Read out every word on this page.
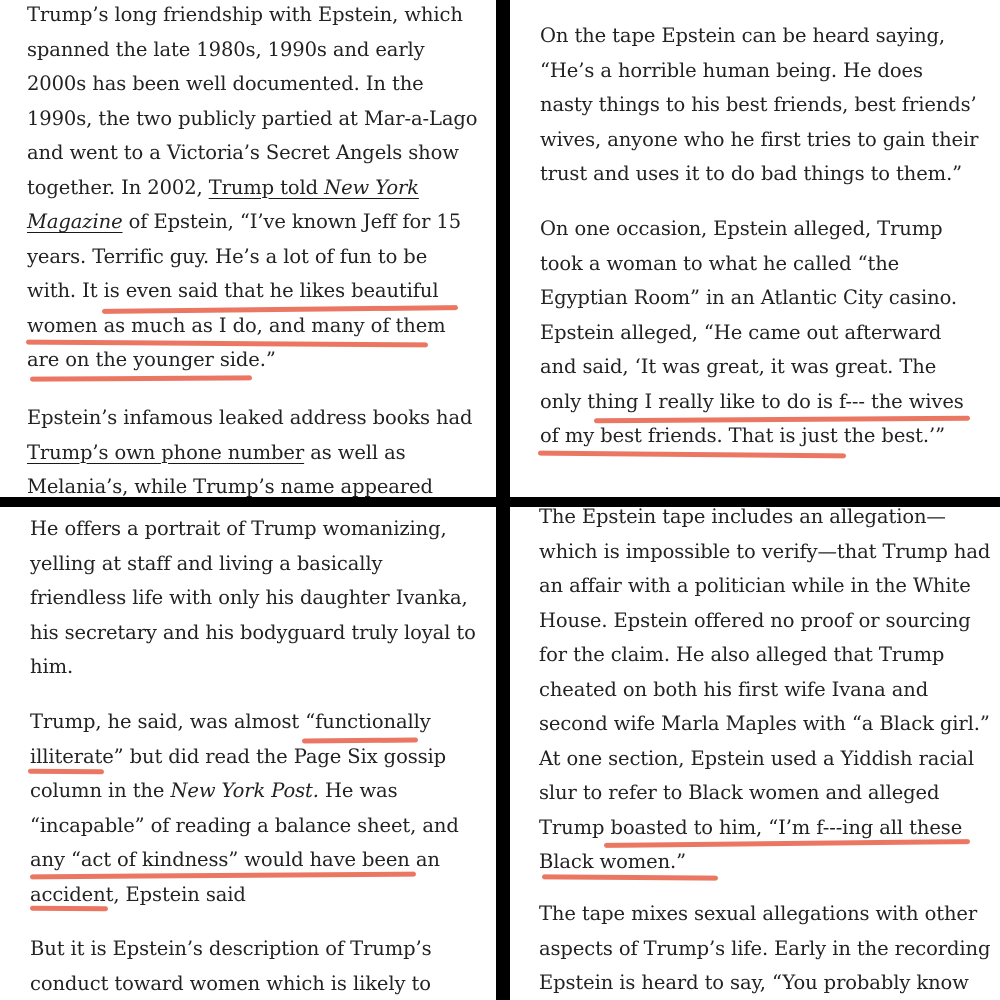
Trump’s long friendship with Epstein, which spanned the late 1980s, 1990s and early 2000s has been well documented. In the 1990s, the two publicly partied at Mar-a-Lago and went to a Victoria’s Secret Angels show together. In 2002, Trump told New York Magazine of Epstein, “I’ve known Jeff for 15 years. Terrific guy. He’s a lot of fun to be with. It is even said that he likes beautiful women as much as I do, and many of them are on the younger side.”

Epstein’s infamous leaked address books had Trump’s own phone number as well as Melania’s, while Trump’s name appeared

On the tape Epstein can be heard saying, “He’s a horrible human being. He does nasty things to his best friends, best friends’ wives, anyone who he first tries to gain their trust and uses it to do bad things to them.”

On one occasion, Epstein alleged, Trump took a woman to what he called “the Egyptian Room” in an Atlantic City casino. Epstein alleged, “He came out afterward and said, ‘It was great, it was great. The only thing I really like to do is f--- the wives of my best friends. That is just the best.’”

He offers a portrait of Trump womanizing, yelling at staff and living a basically friendless life with only his daughter Ivanka, his secretary and his bodyguard truly loyal to him.

Trump, he said, was almost “functionally illiterate” but did read the Page Six gossip column in the New York Post. He was “incapable” of reading a balance sheet, and any “act of kindness” would have been an accident, Epstein said

But it is Epstein’s description of Trump’s conduct toward women which is likely to

The Epstein tape includes an allegation—which is impossible to verify—that Trump had an affair with a politician while in the White House. Epstein offered no proof or sourcing for the claim. He also alleged that Trump cheated on both his first wife Ivana and second wife Marla Maples with “a Black girl.” At one section, Epstein used a Yiddish racial slur to refer to Black women and alleged Trump boasted to him, “I’m f---ing all these Black women.”

The tape mixes sexual allegations with other aspects of Trump’s life. Early in the recording Epstein is heard to say, “You probably know
